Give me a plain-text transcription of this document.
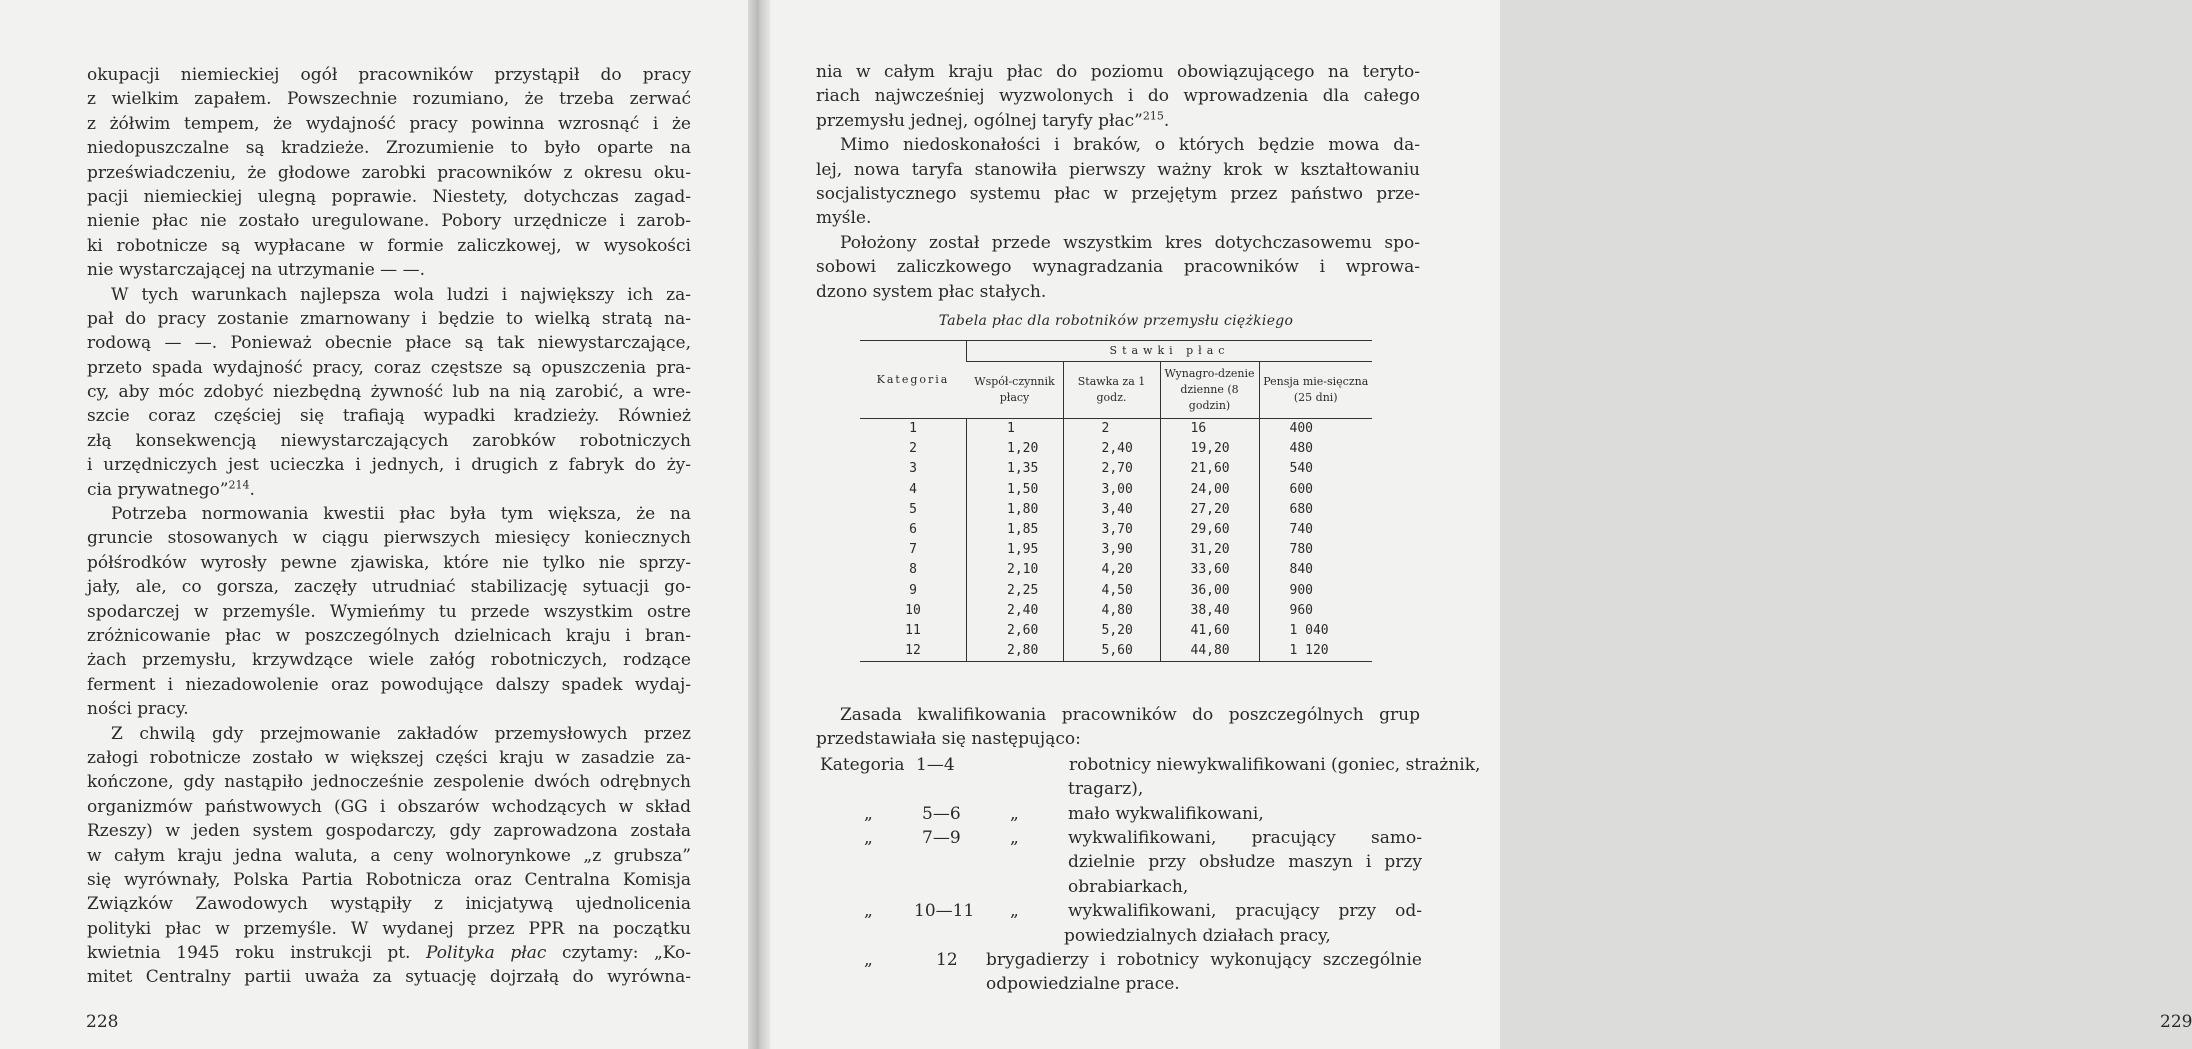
okupacji niemieckiej ogół pracowników przystąpił do pracy
z wielkim zapałem. Powszechnie rozumiano, że trzeba zerwać
z żółwim tempem, że wydajność pracy powinna wzrosnąć i że
niedopuszczalne są kradzieże. Zrozumienie to było oparte na
przeświadczeniu, że głodowe zarobki pracowników z okresu oku-
pacji niemieckiej ulegną poprawie. Niestety, dotychczas zagad-
nienie płac nie zostało uregulowane. Pobory urzędnicze i zarob-
ki robotnicze są wypłacane w formie zaliczkowej, w wysokości
nie wystarczającej na utrzymanie — —.
W tych warunkach najlepsza wola ludzi i największy ich za-
pał do pracy zostanie zmarnowany i będzie to wielką stratą na-
rodową — —. Ponieważ obecnie płace są tak niewystarczające,
przeto spada wydajność pracy, coraz częstsze są opuszczenia pra-
cy, aby móc zdobyć niezbędną żywność lub na nią zarobić, a wre-
szcie coraz częściej się trafiają wypadki kradzieży. Również
złą konsekwencją niewystarczających zarobków robotniczych
i urzędniczych jest ucieczka i jednych, i drugich z fabryk do ży-
cia prywatnego”$^{214}$.
Potrzeba normowania kwestii płac była tym większa, że na
gruncie stosowanych w ciągu pierwszych miesięcy koniecznych
półśrodków wyrosły pewne zjawiska, które nie tylko nie sprzy-
jały, ale, co gorsza, zaczęły utrudniać stabilizację sytuacji go-
spodarczej w przemyśle. Wymieńmy tu przede wszystkim ostre
zróżnicowanie płac w poszczególnych dzielnicach kraju i bran-
żach przemysłu, krzywdzące wiele załóg robotniczych, rodzące
ferment i niezadowolenie oraz powodujące dalszy spadek wydaj-
ności pracy.
Z chwilą gdy przejmowanie zakładów przemysłowych przez
załogi robotnicze zostało w większej części kraju w zasadzie za-
kończone, gdy nastąpiło jednocześnie zespolenie dwóch odrębnych
organizmów państwowych (GG i obszarów wchodzących w skład
Rzeszy) w jeden system gospodarczy, gdy zaprowadzona została
w całym kraju jedna waluta, a ceny wolnorynkowe „z grubsza”
się wyrównały, Polska Partia Robotnicza oraz Centralna Komisja
Związków Zawodowych wystąpiły z inicjatywą ujednolicenia
polityki płac w przemyśle. W wydanej przez PPR na początku
kwietnia 1945 roku instrukcji pt. Polityka płac czytamy: „Ko-
mitet Centralny partii uważa za sytuację dojrzałą do wyrówna-
228	229
nia w całym kraju płac do poziomu obowiązującego na teryto-
riach najwcześniej wyzwolonych i do wprowadzenia dla całego
przemysłu jednej, ogólnej taryfy płac”$^{215}$.
Mimo niedoskonałości i braków, o których będzie mowa da-
lej, nowa taryfa stanowiła pierwszy ważny krok w kształtowaniu
socjalistycznego systemu płac w przejętym przez państwo prze-
myśle.
Położony został przede wszystkim kres dotychczasowemu spo-
sobowi zaliczkowego wynagradzania pracowników i wprowa-
dzono system płac stałych.
Tabela płac dla robotników przemysłu ciężkiego
Kategoria	Stawki płac			
	Współ-czynnik płacy	Stawka za 1 godz.	Wynagro-dzenie dzienne (8 godzin)	Pensja mie-sięczna (25 dni)
1	1	2	16	400
2	1,20	2,40	19,20	480
3	1,35	2,70	21,60	540
4	1,50	3,00	24,00	600
5	1,80	3,40	27,20	680
6	1,85	3,70	29,60	740
7	1,95	3,90	31,20	780
8	2,10	4,20	33,60	840
9	2,25	4,50	36,00	900
10	2,40	4,80	38,40	960
11	2,60	5,20	41,60	1 040
12	2,80	5,60	44,80	1 120
Zasada kwalifikowania pracowników do poszczególnych grup
przedstawiała się następująco:
Kategoria 1—4	robotnicy niewykwalifikowani (goniec, strażnik,
tragarz),
„	5—6	„	mało wykwalifikowani,
„	7—9	„	wykwalifikowani, pracujący samo-
dzielnie przy obsłudze maszyn i przy
obrabiarkach,
„ 10—11 „	wykwalifikowani, pracujący przy od-
powiedzialnych działach pracy,
„	12 brygadierzy i robotnicy wykonujący szczególnie
odpowiedzialne prace.
